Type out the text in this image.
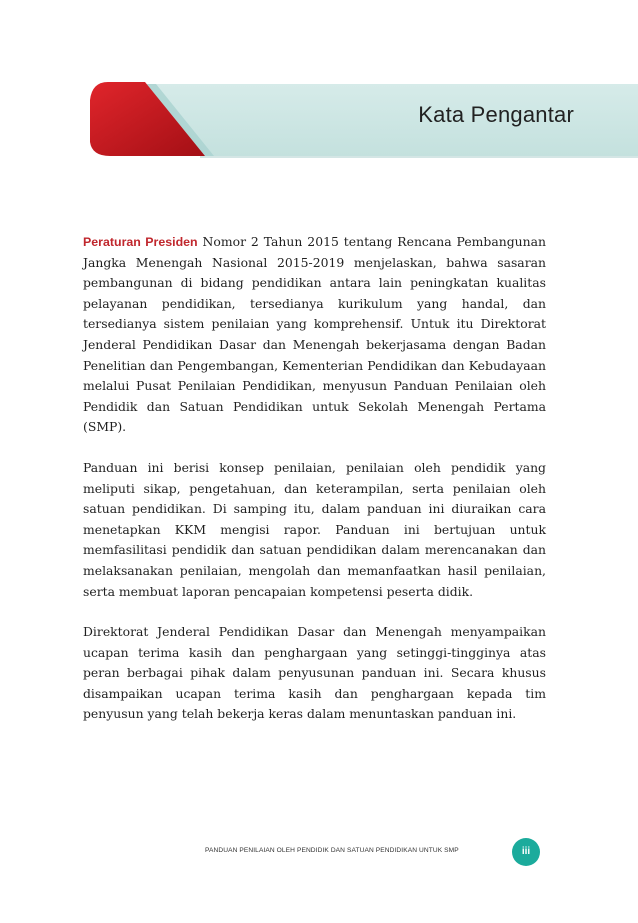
Kata Pengantar

Peraturan Presiden Nomor 2 Tahun 2015 tentang Rencana Pembangunan Jangka Menengah Nasional 2015-2019 menjelaskan, bahwa sasaran pembangunan di bidang pendidikan antara lain peningkatan kualitas pelayanan pendidikan, tersedianya kurikulum yang handal, dan tersedianya sistem penilaian yang komprehensif. Untuk itu Direktorat Jenderal Pendidikan Dasar dan Menengah bekerjasama dengan Badan Penelitian dan Pengembangan, Kementerian Pendidikan dan Kebudayaan melalui Pusat Penilaian Pendidikan, menyusun Panduan Penilaian oleh Pendidik dan Satuan Pendidikan untuk Sekolah Menengah Pertama (SMP).

Panduan ini berisi konsep penilaian, penilaian oleh pendidik yang meliputi sikap, pengetahuan, dan keterampilan, serta penilaian oleh satuan pendidikan. Di samping itu, dalam panduan ini diuraikan cara menetapkan KKM mengisi rapor. Panduan ini bertujuan untuk memfasilitasi pendidik dan satuan pendidikan dalam merencanakan dan melaksanakan penilaian, mengolah dan memanfaatkan hasil penilaian, serta membuat laporan pencapaian kompetensi peserta didik.

Direktorat Jenderal Pendidikan Dasar dan Menengah menyampaikan ucapan terima kasih dan penghargaan yang setinggi-tingginya atas peran berbagai pihak dalam penyusunan panduan ini. Secara khusus disampaikan ucapan terima kasih dan penghargaan kepada tim penyusun yang telah bekerja keras dalam menuntaskan panduan ini.

PANDUAN PENILAIAN OLEH PENDIDIK DAN SATUAN PENDIDIKAN UNTUK SMP	iii
